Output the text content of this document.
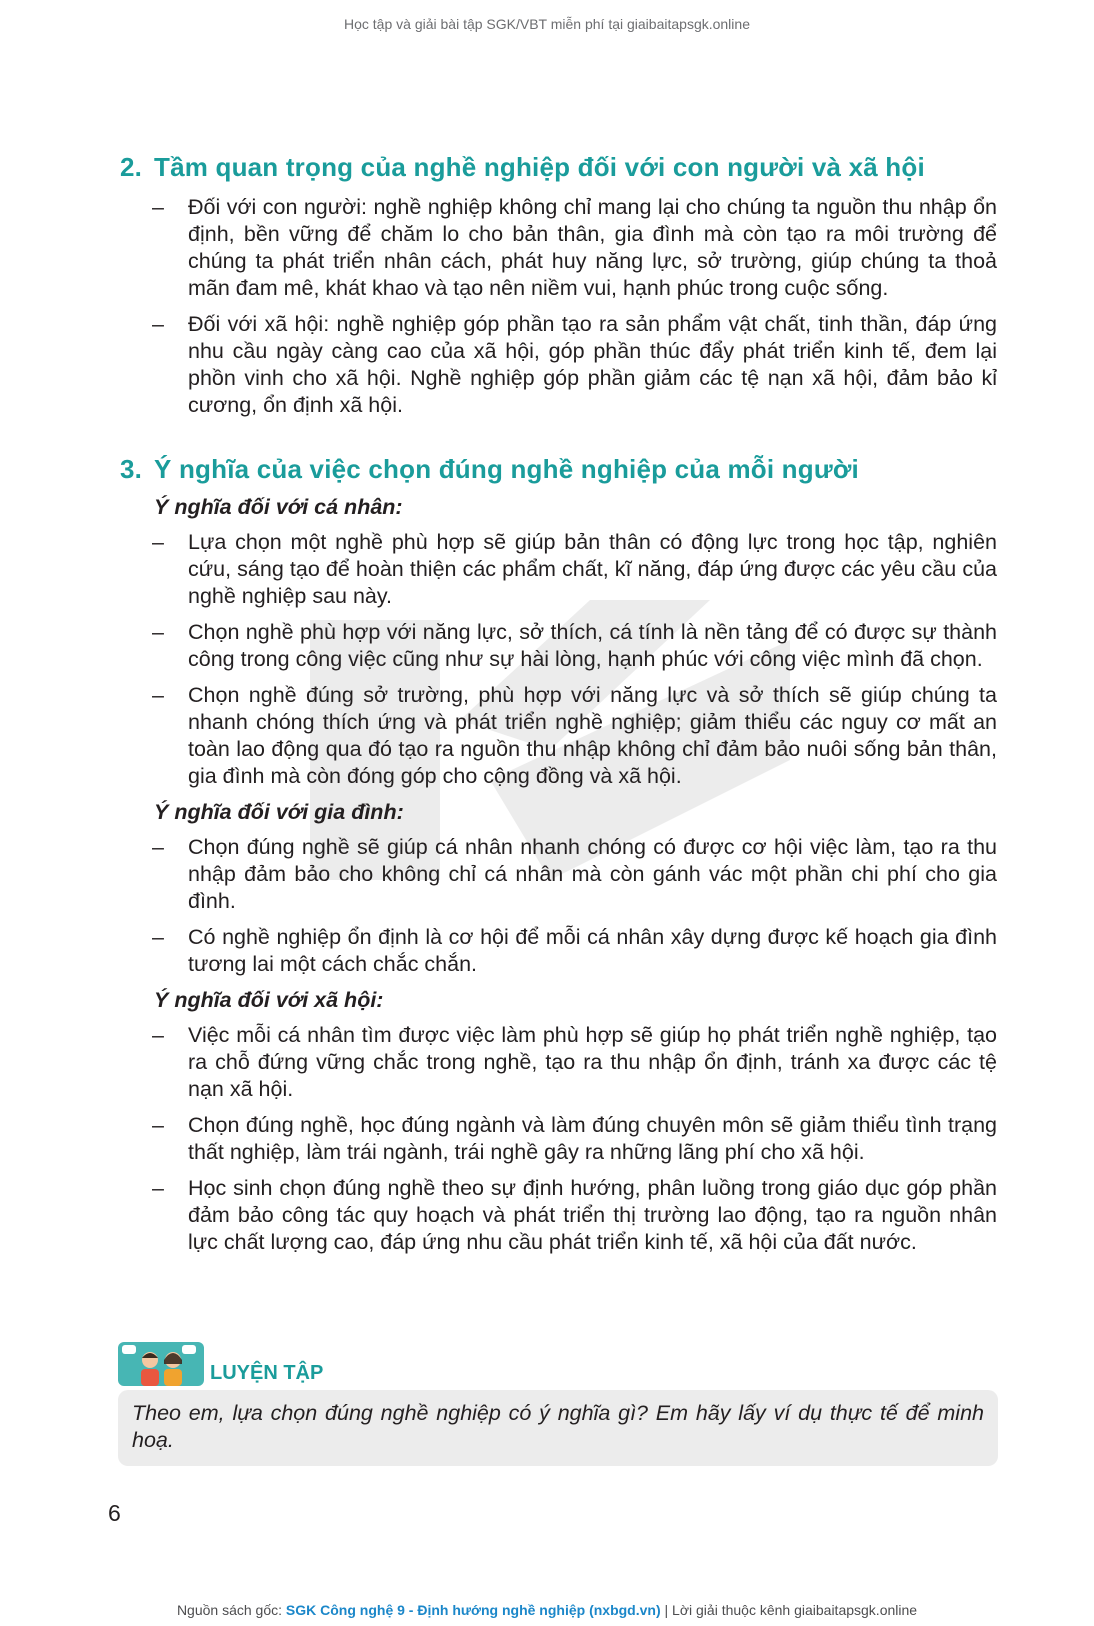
Học tập và giải bài tập SGK/VBT miễn phí tại giaibaitapsgk.online
2. Tầm quan trọng của nghề nghiệp đối với con người và xã hội
– Đối với con người: nghề nghiệp không chỉ mang lại cho chúng ta nguồn thu nhập ổn định, bền vững để chăm lo cho bản thân, gia đình mà còn tạo ra môi trường để chúng ta phát triển nhân cách, phát huy năng lực, sở trường, giúp chúng ta thoả mãn đam mê, khát khao và tạo nên niềm vui, hạnh phúc trong cuộc sống.
– Đối với xã hội: nghề nghiệp góp phần tạo ra sản phẩm vật chất, tinh thần, đáp ứng nhu cầu ngày càng cao của xã hội, góp phần thúc đẩy phát triển kinh tế, đem lại phồn vinh cho xã hội. Nghề nghiệp góp phần giảm các tệ nạn xã hội, đảm bảo kỉ cương, ổn định xã hội.
3. Ý nghĩa của việc chọn đúng nghề nghiệp của mỗi người
Ý nghĩa đối với cá nhân:
– Lựa chọn một nghề phù hợp sẽ giúp bản thân có động lực trong học tập, nghiên cứu, sáng tạo để hoàn thiện các phẩm chất, kĩ năng, đáp ứng được các yêu cầu của nghề nghiệp sau này.
– Chọn nghề phù hợp với năng lực, sở thích, cá tính là nền tảng để có được sự thành công trong công việc cũng như sự hài lòng, hạnh phúc với công việc mình đã chọn.
– Chọn nghề đúng sở trường, phù hợp với năng lực và sở thích sẽ giúp chúng ta nhanh chóng thích ứng và phát triển nghề nghiệp; giảm thiểu các nguy cơ mất an toàn lao động qua đó tạo ra nguồn thu nhập không chỉ đảm bảo nuôi sống bản thân, gia đình mà còn đóng góp cho cộng đồng và xã hội.
Ý nghĩa đối với gia đình:
– Chọn đúng nghề sẽ giúp cá nhân nhanh chóng có được cơ hội việc làm, tạo ra thu nhập đảm bảo cho không chỉ cá nhân mà còn gánh vác một phần chi phí cho gia đình.
– Có nghề nghiệp ổn định là cơ hội để mỗi cá nhân xây dựng được kế hoạch gia đình tương lai một cách chắc chắn.
Ý nghĩa đối với xã hội:
– Việc mỗi cá nhân tìm được việc làm phù hợp sẽ giúp họ phát triển nghề nghiệp, tạo ra chỗ đứng vững chắc trong nghề, tạo ra thu nhập ổn định, tránh xa được các tệ nạn xã hội.
– Chọn đúng nghề, học đúng ngành và làm đúng chuyên môn sẽ giảm thiểu tình trạng thất nghiệp, làm trái ngành, trái nghề gây ra những lãng phí cho xã hội.
– Học sinh chọn đúng nghề theo sự định hướng, phân luồng trong giáo dục góp phần đảm bảo công tác quy hoạch và phát triển thị trường lao động, tạo ra nguồn nhân lực chất lượng cao, đáp ứng nhu cầu phát triển kinh tế, xã hội của đất nước.
LUYỆN TẬP
Theo em, lựa chọn đúng nghề nghiệp có ý nghĩa gì? Em hãy lấy ví dụ thực tế để minh hoạ.
6
Nguồn sách gốc: SGK Công nghệ 9 - Định hướng nghề nghiệp (nxbgd.vn) | Lời giải thuộc kênh giaibaitapsgk.online
